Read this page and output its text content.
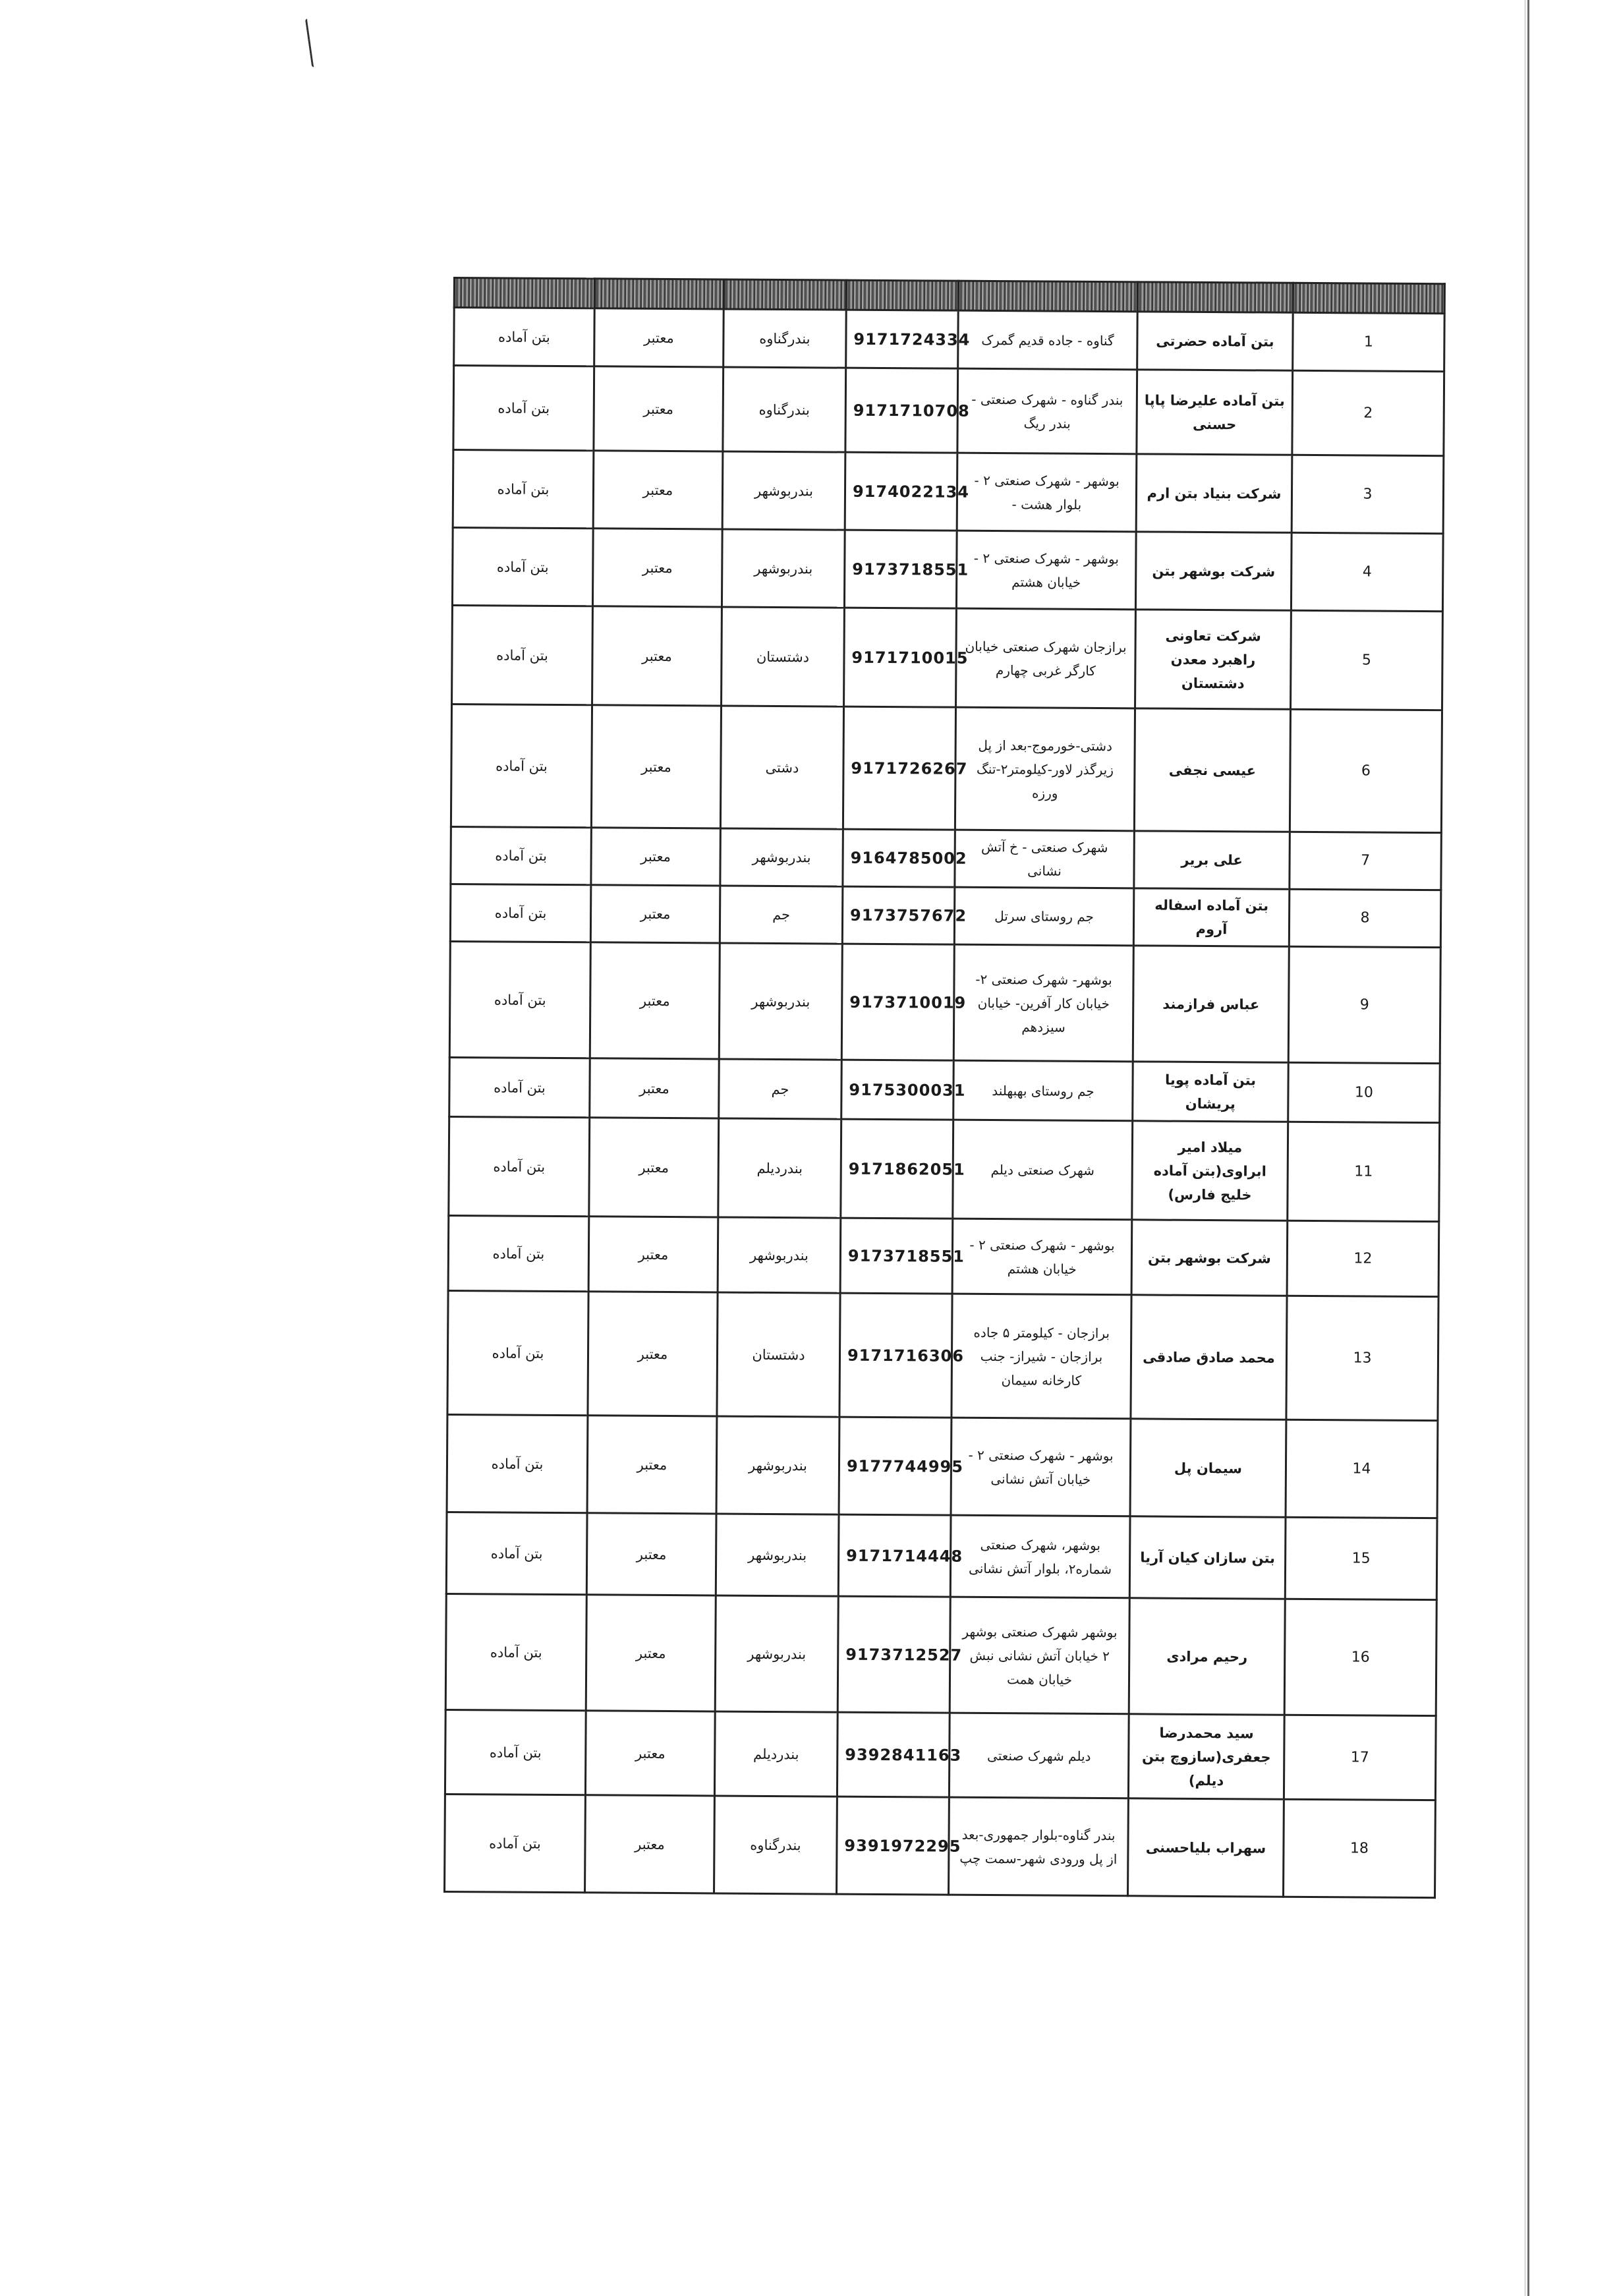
1	بتن آماده حضرتی	گناوه - جاده قدیم گمرک	9171724334	بندرگناوه	معتبر	بتن آماده
2	بتن آماده علیرضا پاپا حسنی	بندر گناوه - شهرک صنعتی - بندر ریگ	9171710708	بندرگناوه	معتبر	بتن آماده
3	شرکت بنیاد بتن ارم	بوشهر - شهرک صنعتی ۲ - بلوار هشت -	9174022134	بندربوشهر	معتبر	بتن آماده
4	شرکت بوشهر بتن	بوشهر - شهرک صنعتی ۲ - خیابان هشتم	9173718551	بندربوشهر	معتبر	بتن آماده
5	شرکت تعاونی راهبرد معدن دشتستان	برازجان شهرک صنعتی خیابان کارگر غربی چهارم	9171710015	دشتستان	معتبر	بتن آماده
6	عیسی نجفی	دشتی-خورموج-بعد از پل زیرگذر لاور-کیلومتر۲-تنگ ورزه	9171726267	دشتی	معتبر	بتن آماده
7	علی بریر	شهرک صنعتی - خ آتش نشانی	9164785002	بندربوشهر	معتبر	بتن آماده
8	بتن آماده اسفاله آروم	جم روستای سرتل	9173757672	جم	معتبر	بتن آماده
9	عباس فرازمند	بوشهر- شهرک صنعتی ۲- خیابان کار آفرین- خیابان سیزدهم	9173710019	بندربوشهر	معتبر	بتن آماده
10	بتن آماده پویا پریشان	جم روستای بهبهلند	9175300031	جم	معتبر	بتن آماده
11	میلاد امیر ابراوی(بتن آماده خلیج فارس)	شهرک صنعتی دیلم	9171862051	بندردیلم	معتبر	بتن آماده
12	شرکت بوشهر بتن	بوشهر - شهرک صنعتی ۲ - خیابان هشتم	9173718551	بندربوشهر	معتبر	بتن آماده
13	محمد صادق صادقی	برازجان - کیلومتر ۵ جاده برازجان - شیراز- جنب کارخانه سیمان	9171716306	دشتستان	معتبر	بتن آماده
14	سیمان پل	بوشهر - شهرک صنعتی ۲ - خیابان آتش نشانی	9177744995	بندربوشهر	معتبر	بتن آماده
15	بتن سازان کیان آریا	بوشهر، شهرک صنعتی شماره۲، بلوار آتش نشانی	9171714448	بندربوشهر	معتبر	بتن آماده
16	رحیم مرادی	بوشهر شهرک صنعتی بوشهر ۲ خیابان آتش نشانی نبش خیابان همت	9173712527	بندربوشهر	معتبر	بتن آماده
17	سید محمدرضا جعفری(سازوچ بتن دیلم)	دیلم شهرک صنعتی	9392841163	بندردیلم	معتبر	بتن آماده
18	سهراب بلیاحسنی	بندر گناوه-بلوار جمهوری-بعد از پل ورودی شهر-سمت چپ	9391972295	بندرگناوه	معتبر	بتن آماده
